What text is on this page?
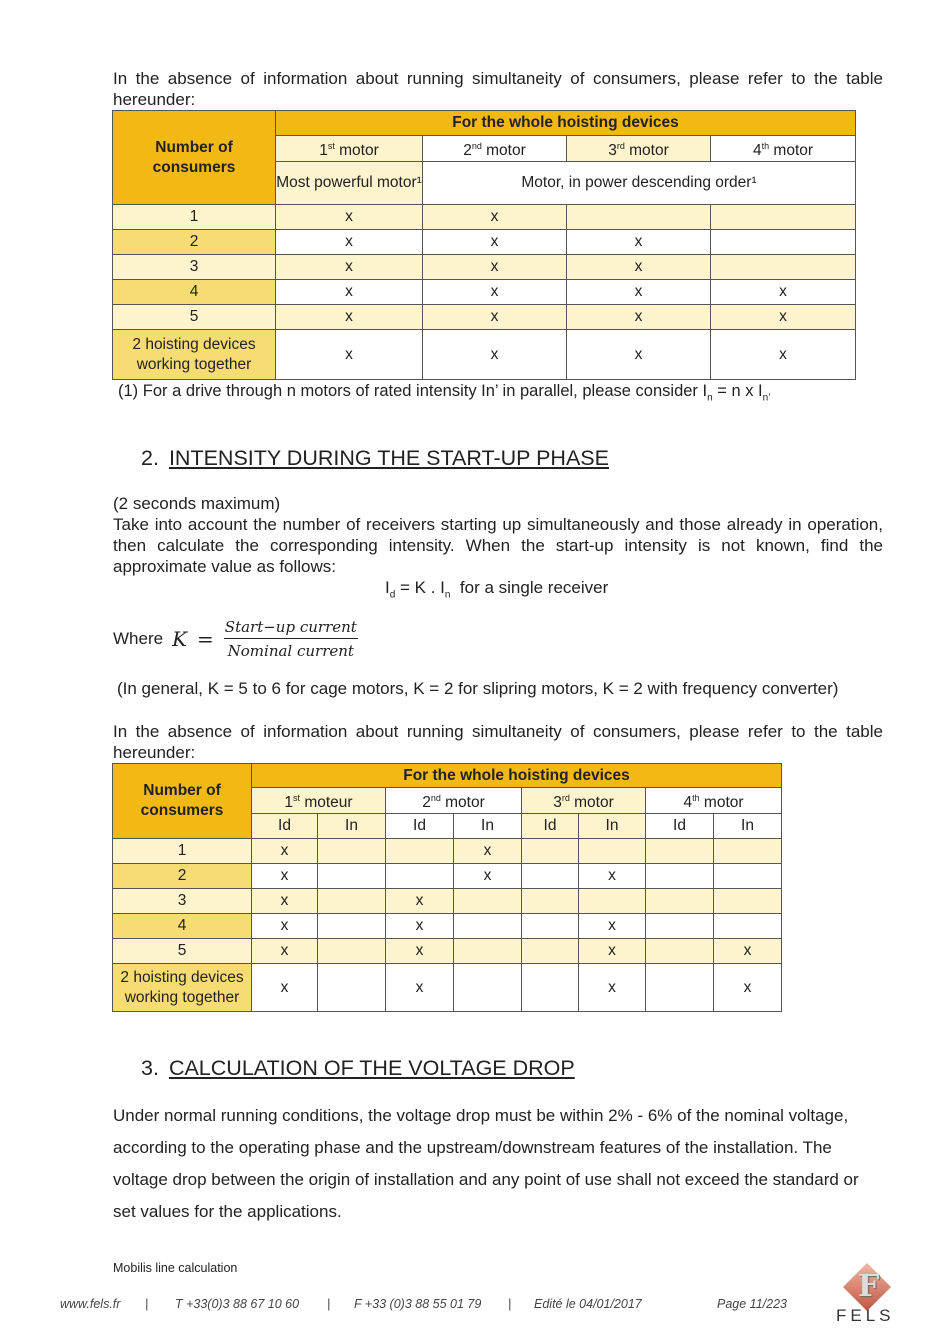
In the absence of information about running simultaneity of consumers, please refer to the table hereunder:
Number of consumers	For the whole hoisting devices			
	1st motor	2nd motor	3rd motor	4th motor
	Most powerful motor¹	Motor, in power descending order¹		
1	x	x		
2	x	x	x	
3	x	x	x	
4	x	x	x	x
5	x	x	x	x
2 hoisting devices working together	x	x	x	x
(1) For a drive through n motors of rated intensity In’ in parallel, please consider $I_n = n$ x $I_{n’}$
2. INTENSITY DURING THE START-UP PHASE
(2 seconds maximum)
Take into account the number of receivers starting up simultaneously and those already in operation, then calculate the corresponding intensity. When the start-up intensity is not known, find the approximate value as follows:
$I_d = K$ . $I_n$  for a single receiver
Where K = Start−up current
Nominal current
(In general, K = 5 to 6 for cage motors, K = 2 for slipring motors, K = 2 with frequency converter)
In the absence of information about running simultaneity of consumers, please refer to the table hereunder:
Number of consumers	For the whole hoisting devices							
	1st moteur		2nd motor		3rd motor		4th motor	
	Id	In	Id	In	Id	In	Id	In
1	x			x				
2	x			x		x		
3	x		x					
4	x		x			x		
5	x		x			x		x
2 hoisting devices working together	x		x			x		x
3. CALCULATION OF THE VOLTAGE DROP
Under normal running conditions, the voltage drop must be within 2% - 6% of the nominal voltage, according to the operating phase and the upstream/downstream features of the installation. The voltage drop between the origin of installation and any point of use shall not exceed the standard or set values for the applications.
Mobilis line calculation
www.fels.fr | T +33(0)3 88 67 10 60 | F +33 (0)3 88 55 01 79 | Edité le 04/01/2017	Page 11/223 F
FELS
